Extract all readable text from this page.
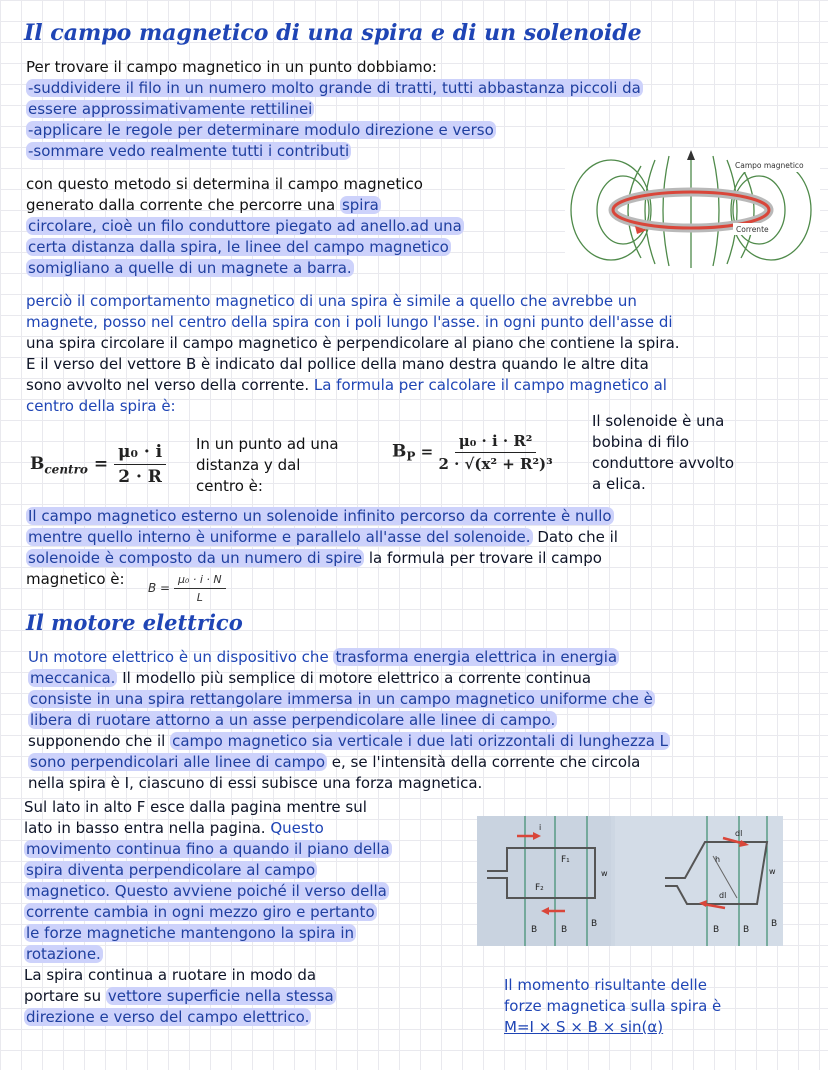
Il campo magnetico di una spira e di un solenoide

Per trovare il campo magnetico in un punto dobbiamo:

-suddividere il filo in un numero molto grande di tratti, tutti abbastanza piccoli da

essere approssimativamente rettilinei

-applicare le regole per determinare modulo direzione e verso

-sommare vedo realmente tutti i contributi

con questo metodo si determina il campo magnetico

generato dalla corrente che percorre una spira

circolare, cioè un filo conduttore piegato ad anello.ad una

certa distanza dalla spira, le linee del campo magnetico

somigliano a quelle di un magnete a barra.

Campo magnetico
Corrente

perciò il comportamento magnetico di una spira è simile a quello che avrebbe un

magnete, posso nel centro della spira con i poli lungo l'asse. in ogni punto dell'asse di

una spira circolare il campo magnetico è perpendicolare al piano che contiene la spira.

E il verso del vettore B è indicato dal pollice della mano destra quando le altre dita

sono avvolto nel verso della corrente. La formula per calcolare il campo magnetico al

centro della spira è:

$B_{centro} = \frac{\text{μ₀ · i}}{2 \cdot R}$ In un punto ad una

distanza y dal

centro è:

$B_P = \frac{\text{μ₀ · i · R²}}{\text{2 · √(x² + R²)³}}$

Il solenoide è una

bobina di filo

conduttore avvolto

a elica.

Il campo magnetico esterno un solenoide infinito percorso da corrente è nullo

mentre quello interno è uniforme e parallelo all'asse del solenoide. Dato che il

solenoide è composto da un numero di spire la formula per trovare il campo

magnetico è:	$B = \frac{\text{μ₀ · i · N}}{L}$
Il motore elettrico

Un motore elettrico è un dispositivo che trasforma energia elettrica in energia

meccanica. Il modello più semplice di motore elettrico a corrente continua

consiste in una spira rettangolare immersa in un campo magnetico uniforme che è

libera di ruotare attorno a un asse perpendicolare alle linee di campo.

supponendo che il campo magnetico sia verticale i due lati orizzontali di lunghezza L

sono perpendicolari alle linee di campo e, se l'intensità della corrente che circola

nella spira è I, ciascuno di essi subisce una forza magnetica.

Sul lato in alto F esce dalla pagina mentre sul

lato in basso entra nella pagina. Questo

movimento continua fino a quando il piano della

spira diventa perpendicolare al campo

magnetico. Questo avviene poiché il verso della

corrente cambia in ogni mezzo giro e pertanto

le forze magnetiche mantengono la spira in

rotazione.

La spira continua a ruotare in modo da

portare su vettore superficie nella stessa

direzione e verso del campo elettrico.

F₁
F₂
w
B	B
B
i
dl
dl
h
w
B	B
B

Il momento risultante delle

forze magnetica sulla spira è

M=I × S × B × sin(α)
